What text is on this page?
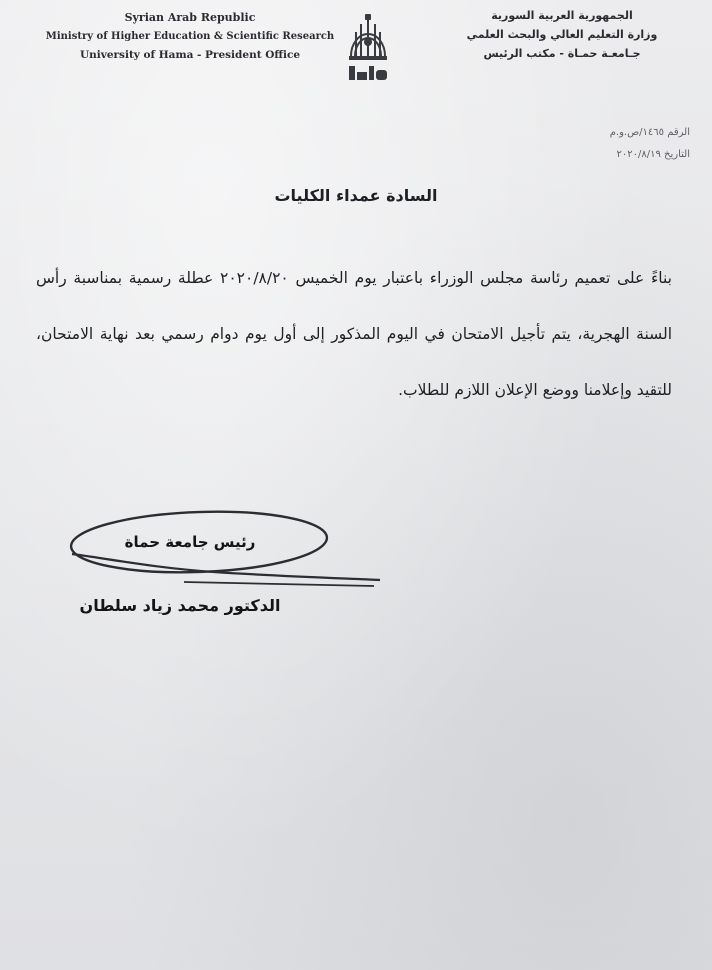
Syrian Arab Republic
Ministry of Higher Education & Scientific Research
University of Hama - President Office
الجمهورية العربية السورية
وزارة التعليم العالي والبحث العلمي
جـامعـة حمـاة - مكتب الرئيس
الرقم ١٤٦٥/ص.و.م
التاريخ ٢٠٢٠/٨/١٩
السادة عمداء الكليات
بناءً على تعميم رئاسة مجلس الوزراء باعتبار يوم الخميس ٢٠٢٠/٨/٢٠ عطلة رسمية بمناسبة رأس السنة الهجرية، يتم تأجيل الامتحان في اليوم المذكور إلى أول يوم دوام رسمي بعد نهاية الامتحان، للتقيد وإعلامنا ووضع الإعلان اللازم للطلاب.
رئيس جامعة حماة
الدكتور محمد زياد سلطان
